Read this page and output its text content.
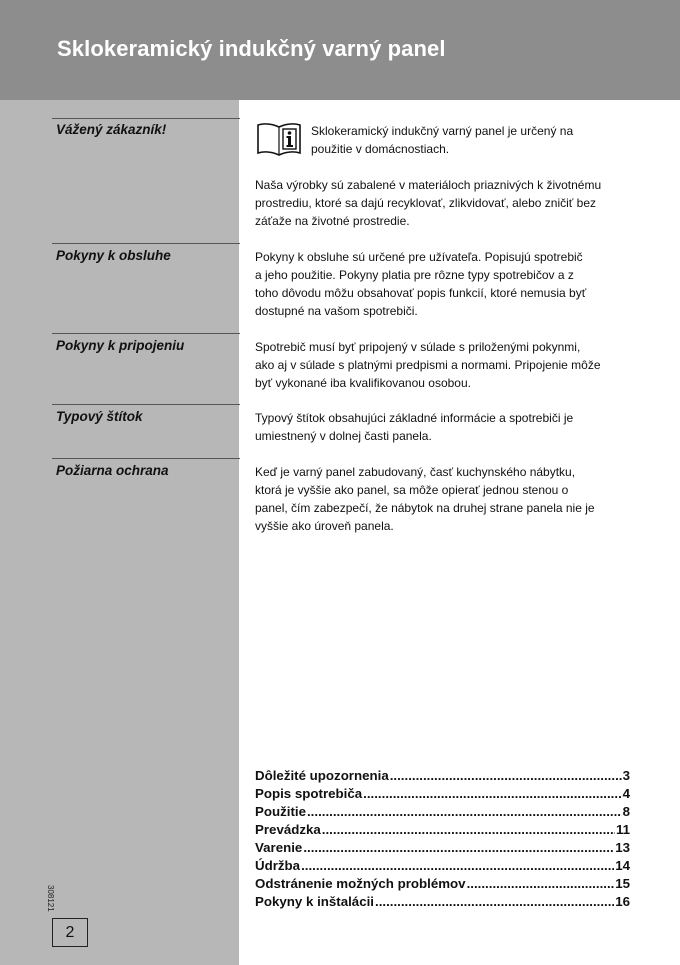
Sklokeramický indukčný varný panel

Vážený zákazník!	Sklokeramický indukčný varný panel je určený na
použitie v domácnostiach.

Naša výrobky sú zabalené v materiáloch priaznivých k životnému
prostrediu, ktoré sa dajú recyklovať, zlikvidovať, alebo zničiť bez
záťaže na životné prostredie.

Pokyny k obsluhe	Pokyny k obsluhe sú určené pre užívateľa. Popisujú spotrebič
a jeho použitie. Pokyny platia pre rôzne typy spotrebičov a z
toho dôvodu môžu obsahovať popis funkcií, ktoré nemusia byť
dostupné na vašom spotrebiči.

Pokyny k pripojeniu	Spotrebič musí byť pripojený v súlade s priloženými pokynmi,
ako aj v súlade s platnými predpismi a normami. Pripojenie môže
byť vykonané iba kvalifikovanou osobou.

Typový štítok	Typový štítok obsahujúci základné informácie a spotrebiči je
umiestnený v dolnej časti panela.

Požiarna ochrana	Keď je varný panel zabudovaný, časť kuchynského nábytku,
ktorá je vyššie ako panel, sa môže opierať jednou stenou o
panel, čím zabezpečí, že nábytok na druhej strane panela nie je
vyššie ako úroveň panela.

Dôležité upozornenia .....	3
Popis spotrebiča .....	4
Použitie .....	8
Prevádzka .....	11
Varenie .....	13
Údržba .....	14
Odstránenie možných problémov .....	15
Pokyny k inštalácii .....	16
308121
2
